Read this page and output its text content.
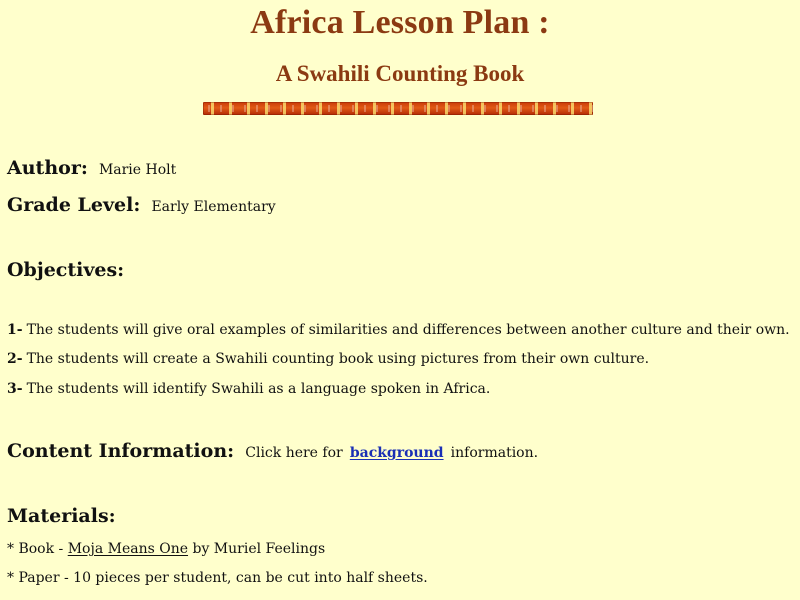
Africa Lesson Plan :
A Swahili Counting Book
Author: Marie Holt
Grade Level: Early Elementary
Objectives:
1- The students will give oral examples of similarities and differences between another culture and their own.
2- The students will create a Swahili counting book using pictures from their own culture.
3- The students will identify Swahili as a language spoken in Africa.
Content Information: Click here for background information.
Materials:
* Book - Moja Means One by Muriel Feelings
* Paper - 10 pieces per student, can be cut into half sheets.
